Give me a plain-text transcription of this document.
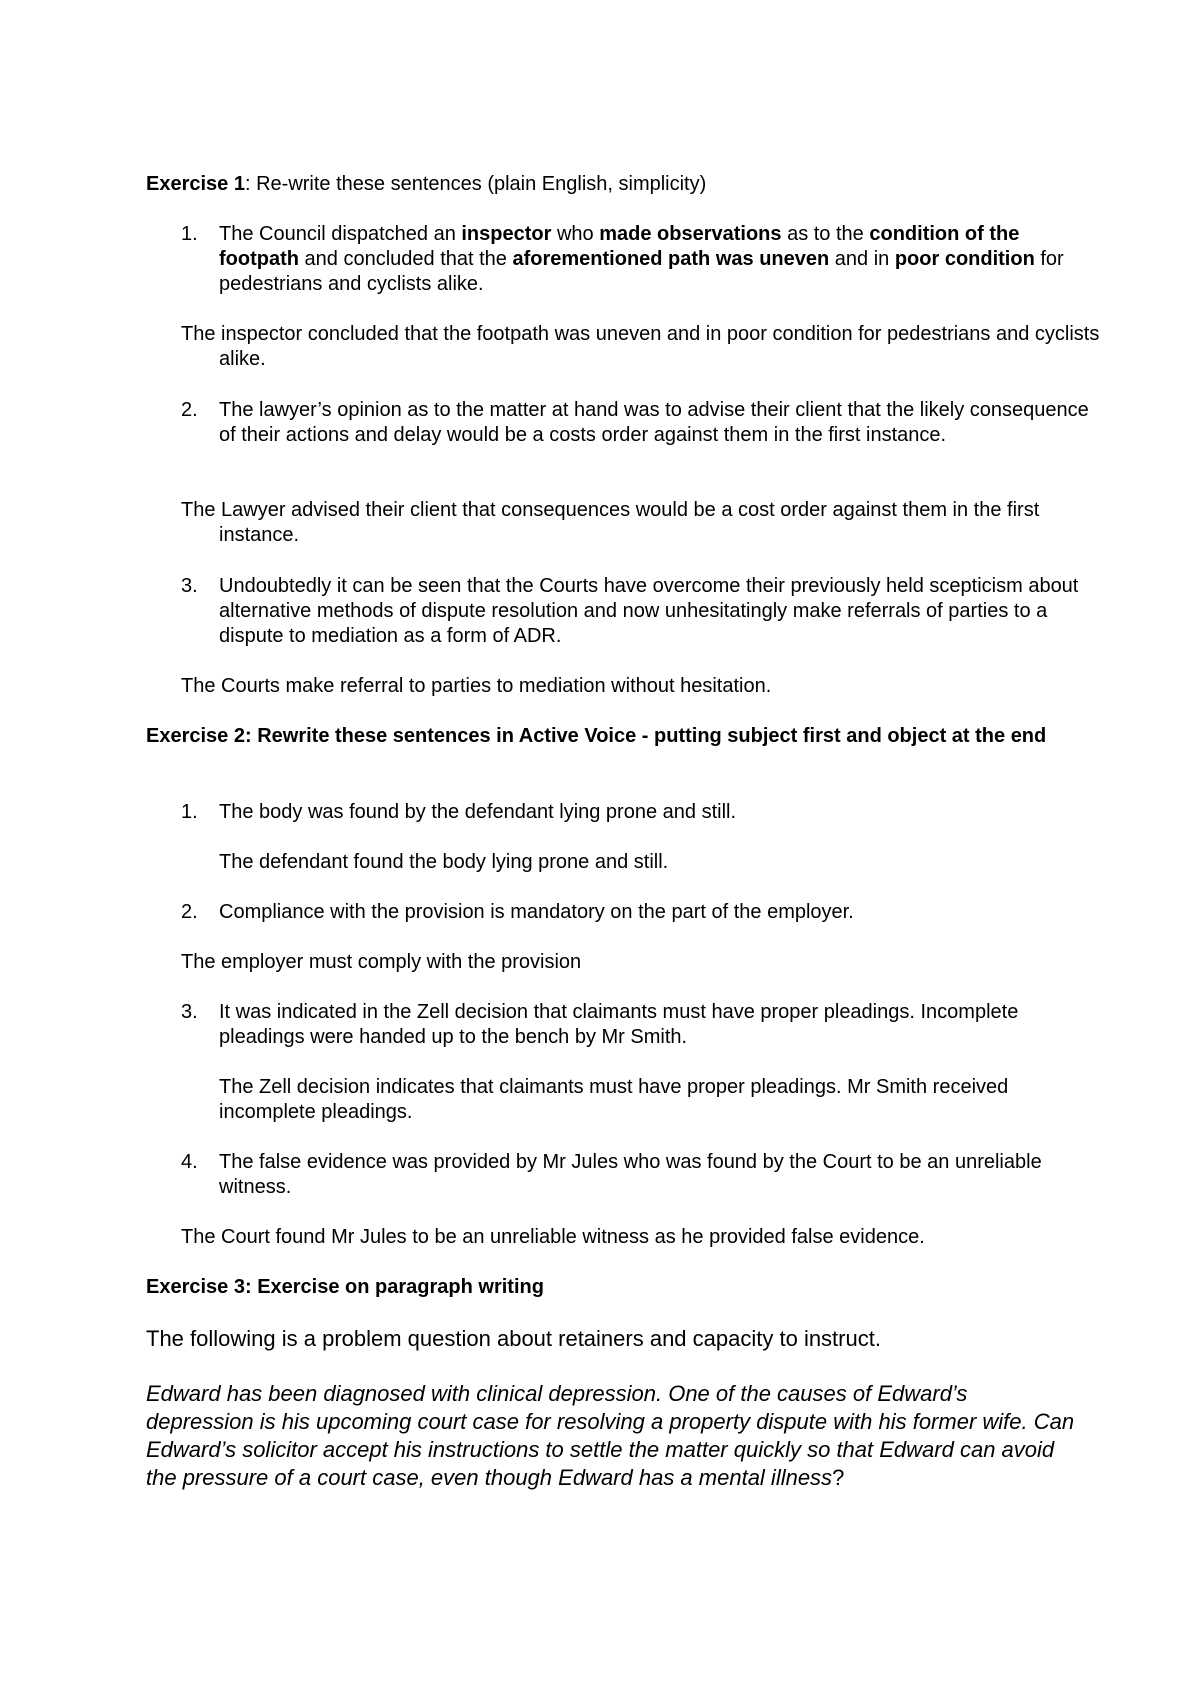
Exercise 1: Re-write these sentences (plain English, simplicity)

1. The Council dispatched an inspector who made observations as to the condition of the footpath and concluded that the aforementioned path was uneven and in poor condition for pedestrians and cyclists alike.

The inspector concluded that the footpath was uneven and in poor condition for pedestrians and cyclists alike.

2. The lawyer’s opinion as to the matter at hand was to advise their client that the likely consequence of their actions and delay would be a costs order against them in the first instance.

The Lawyer advised their client that consequences would be a cost order against them in the first instance.

3. Undoubtedly it can be seen that the Courts have overcome their previously held scepticism about alternative methods of dispute resolution and now unhesitatingly make referrals of parties to a dispute to mediation as a form of ADR.

The Courts make referral to parties to mediation without hesitation.

Exercise 2: Rewrite these sentences in Active Voice - putting subject first and object at the end

1. The body was found by the defendant lying prone and still.

The defendant found the body lying prone and still.

2. Compliance with the provision is mandatory on the part of the employer.

The employer must comply with the provision

3. It was indicated in the Zell decision that claimants must have proper pleadings. Incomplete pleadings were handed up to the bench by Mr Smith.

The Zell decision indicates that claimants must have proper pleadings. Mr Smith received incomplete pleadings.

4. The false evidence was provided by Mr Jules who was found by the Court to be an unreliable witness.

The Court found Mr Jules to be an unreliable witness as he provided false evidence.

Exercise 3: Exercise on paragraph writing

The following is a problem question about retainers and capacity to instruct.

Edward has been diagnosed with clinical depression. One of the causes of Edward’s depression is his upcoming court case for resolving a property dispute with his former wife. Can Edward’s solicitor accept his instructions to settle the matter quickly so that Edward can avoid the pressure of a court case, even though Edward has a mental illness?
